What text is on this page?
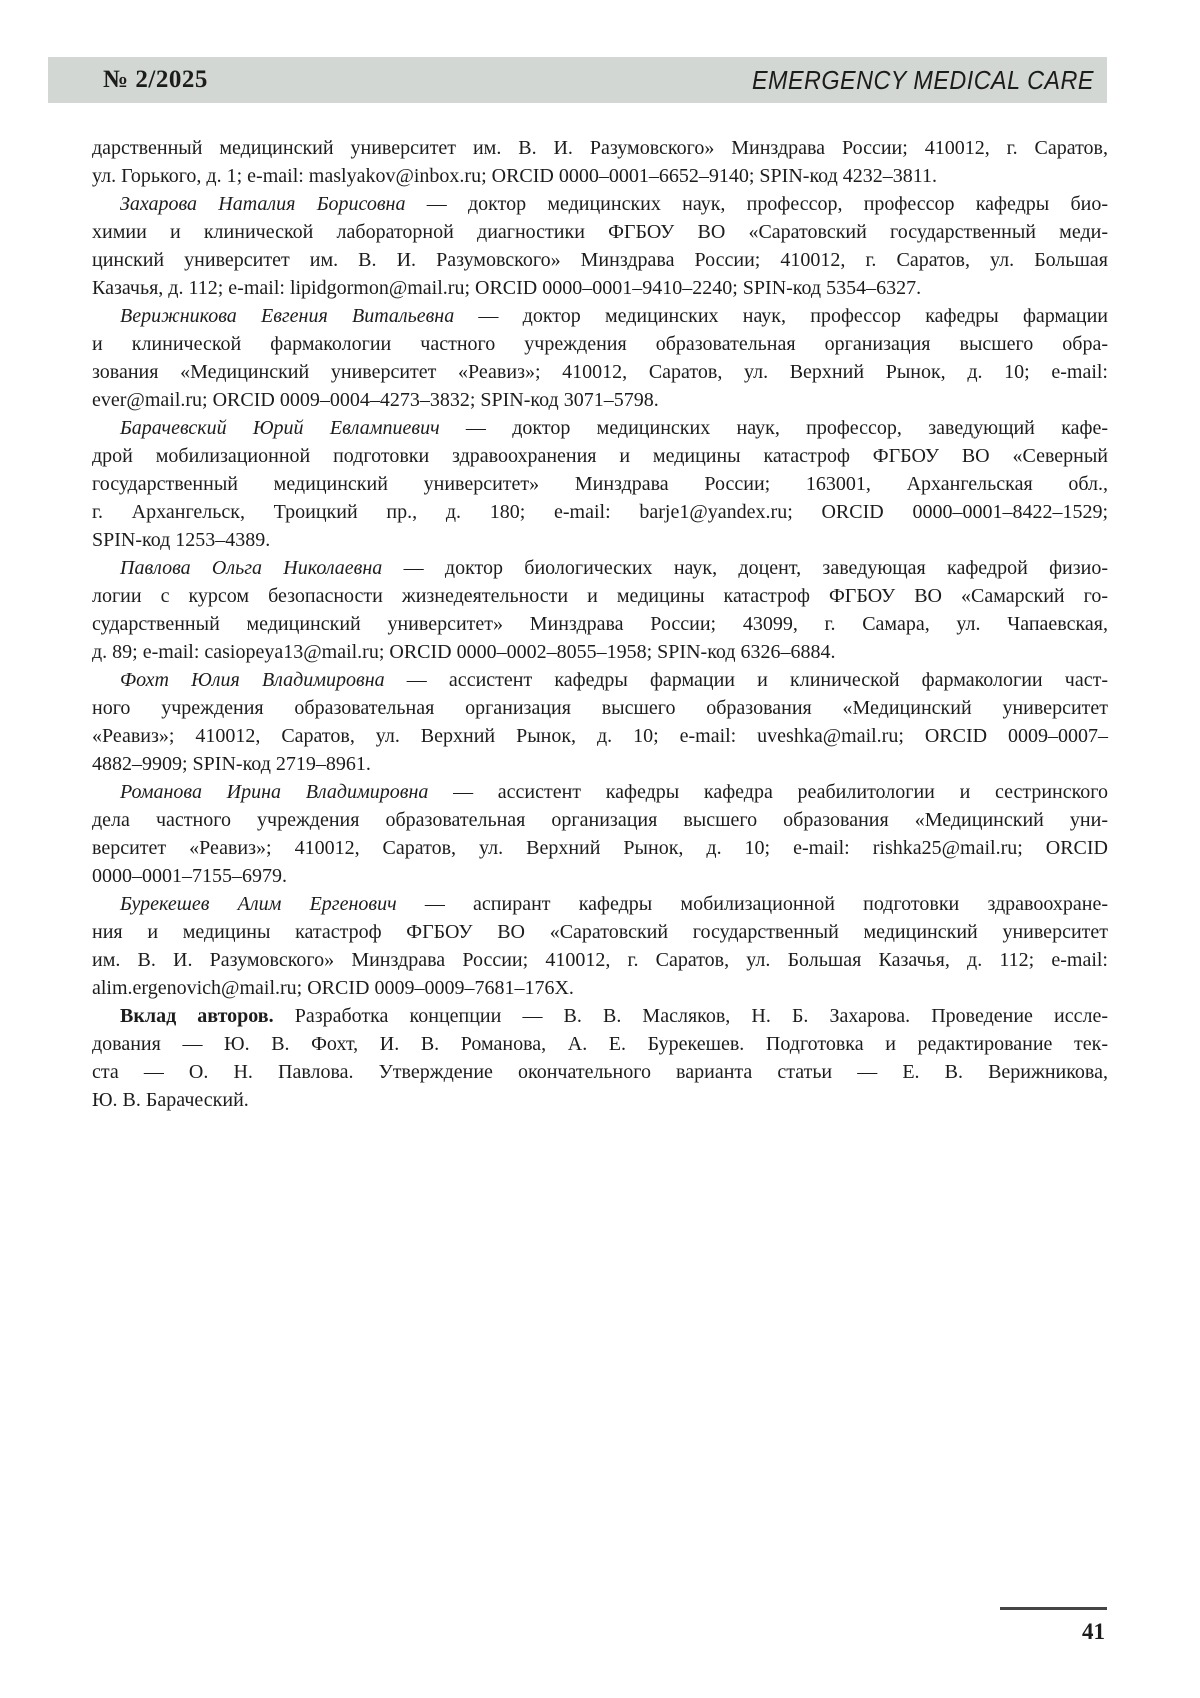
№ 2/2025	EMERGENCY MEDICAL CARE
дарственный медицинский университет им. В. И. Разумовского» Минздрава России; 410012, г. Саратов,
ул. Горького, д. 1; e-mail: maslyakov@inbox.ru; ORCID 0000–0001–6652–9140; SPIN-код 4232–3811.
Захарова Наталия Борисовна — доктор медицинских наук, профессор, профессор кафедры био-
химии и клинической лабораторной диагностики ФГБОУ ВО «Саратовский государственный меди-
цинский университет им. В. И. Разумовского» Минздрава России; 410012, г. Саратов, ул. Большая
Казачья, д. 112; e-mail: lipidgormon@mail.ru; ORCID 0000–0001–9410–2240; SPIN-код 5354–6327.
Верижникова Евгения Витальевна — доктор медицинских наук, профессор кафедры фармации
и клинической фармакологии частного учреждения образовательная организация высшего обра-
зования «Медицинский университет «Реавиз»; 410012, Саратов, ул. Верхний Рынок, д. 10; e-mail:
ever@mail.ru; ORCID 0009–0004–4273–3832; SPIN-код 3071–5798.
Барачевский Юрий Евлампиевич — доктор медицинских наук, профессор, заведующий кафе-
дрой мобилизационной подготовки здравоохранения и медицины катастроф ФГБОУ ВО «Северный
государственный медицинский университет» Минздрава России; 163001, Архангельская обл.,
г. Архангельск, Троицкий пр., д. 180; e-mail: barje1@yandex.ru; ORCID 0000–0001–8422–1529;
SPIN-код 1253–4389.
Павлова Ольга Николаевна — доктор биологических наук, доцент, заведующая кафедрой физио-
логии с курсом безопасности жизнедеятельности и медицины катастроф ФГБОУ ВО «Самарский го-
сударственный медицинский университет» Минздрава России; 43099, г. Самара, ул. Чапаевская,
д. 89; e-mail: casiopeya13@mail.ru; ORCID 0000–0002–8055–1958; SPIN-код 6326–6884.
Фохт Юлия Владимировна — ассистент кафедры фармации и клинической фармакологии част-
ного учреждения образовательная организация высшего образования «Медицинский университет
«Реавиз»; 410012, Саратов, ул. Верхний Рынок, д. 10; e-mail: uveshka@mail.ru; ORCID 0009–0007–
4882–9909; SPIN-код 2719–8961.
Романова Ирина Владимировна — ассистент кафедры кафедра реабилитологии и сестринского
дела частного учреждения образовательная организация высшего образования «Медицинский уни-
верситет «Реавиз»; 410012, Саратов, ул. Верхний Рынок, д. 10; e-mail: rishka25@mail.ru; ORCID
0000–0001–7155–6979.
Бурекешев Алим Ергенович — аспирант кафедры мобилизационной подготовки здравоохране-
ния и медицины катастроф ФГБОУ ВО «Саратовский государственный медицинский университет
им. В. И. Разумовского» Минздрава России; 410012, г. Саратов, ул. Большая Казачья, д. 112; e-mail:
alim.ergenovich@mail.ru; ORCID 0009–0009–7681–176X.
Вклад авторов. Разработка концепции — В. В. Масляков, Н. Б. Захарова. Проведение иссле-
дования — Ю. В. Фохт, И. В. Романова, А. Е. Бурекешев. Подготовка и редактирование тек-
ста — О. Н. Павлова. Утверждение окончательного варианта статьи — Е. В. Верижникова,
Ю. В. Бараческий.
41
